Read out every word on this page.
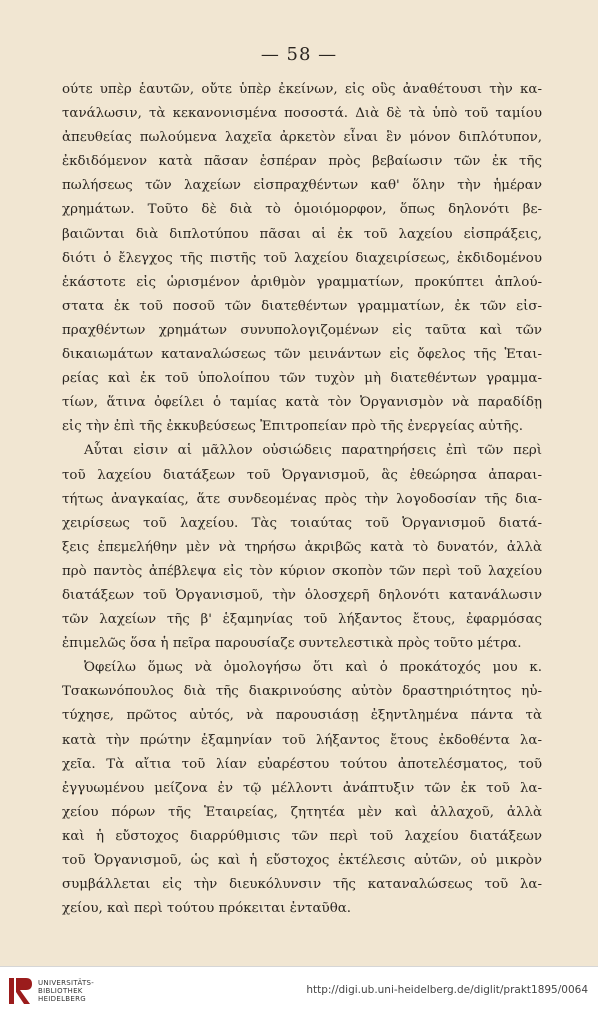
— 58 —
ούτε υπὲρ ἑαυτῶν, οὔτε ὑπὲρ ἐκείνων, εἰς οὓς ἀναθέτουσι τὴν κα-
τανάλωσιν, τὰ κεκανονισμένα ποσοστά. Διὰ δὲ τὰ ὑπὸ τοῦ ταμίου
ἀπευθείας πωλούμενα λαχεῖα ἀρκετὸν εἶναι ἓν μόνον διπλότυπον,
ἐκδιδόμενον κατὰ πᾶσαν ἑσπέραν πρὸς βεβαίωσιν τῶν ἐκ τῆς
πωλήσεως τῶν λαχείων εἰσπραχθέντων καθ' ὅλην τὴν ἡμέραν
χρημάτων. Τοῦτο δὲ διὰ τὸ ὁμοιόμορφον, ὅπως δηλονότι βε-
βαιῶνται διὰ διπλοτύπου πᾶσαι αἱ ἐκ τοῦ λαχείου εἰσπράξεις,
διότι ὁ ἔλεγχος τῆς πιστῆς τοῦ λαχείου διαχειρίσεως, ἐκδιδομένου
ἑκάστοτε εἰς ὡρισμένον ἀριθμὸν γραμματίων, προκύπτει ἁπλού-
στατα ἐκ τοῦ ποσοῦ τῶν διατεθέντων γραμματίων, ἐκ τῶν εἰσ-
πραχθέντων χρημάτων συνυπολογιζομένων εἰς ταῦτα καὶ τῶν
δικαιωμάτων καταναλώσεως τῶν μεινάντων εἰς ὄφελος τῆς Ἑται-
ρείας καὶ ἐκ τοῦ ὑπολοίπου τῶν τυχὸν μὴ διατεθέντων γραμμα-
τίων, ἅτινα ὀφείλει ὁ ταμίας κατὰ τὸν Ὀργανισμὸν νὰ παραδίδῃ
εἰς τὴν ἐπὶ τῆς ἐκκυβεύσεως Ἐπιτροπείαν πρὸ τῆς ἐνεργείας αὐτῆς.
Αὗται εἰσιν αἱ μᾶλλον οὐσιώδεις παρατηρήσεις ἐπὶ τῶν περὶ
τοῦ λαχείου διατάξεων τοῦ Ὀργανισμοῦ, ἃς ἐθεώρησα ἀπαραι-
τήτως ἀναγκαίας, ἅτε συνδεομένας πρὸς τὴν λογοδοσίαν τῆς δια-
χειρίσεως τοῦ λαχείου. Τὰς τοιαύτας τοῦ Ὀργανισμοῦ διατά-
ξεις ἐπεμελήθην μὲν νὰ τηρήσω ἀκριβῶς κατὰ τὸ δυνατόν, ἀλλὰ
πρὸ παντὸς ἀπέβλεψα εἰς τὸν κύριον σκοπὸν τῶν περὶ τοῦ λαχείου
διατάξεων τοῦ Ὀργανισμοῦ, τὴν ὁλοσχερῆ δηλονότι κατανάλωσιν
τῶν λαχείων τῆς β' ἑξαμηνίας τοῦ λήξαντος ἔτους, ἐφαρμόσας
ἐπιμελῶς ὅσα ἡ πεῖρα παρουσίαζε συντελεστικὰ πρὸς τοῦτο μέτρα.
Ὀφείλω ὅμως νὰ ὁμολογήσω ὅτι καὶ ὁ προκάτοχός μου κ.
Τσακωνόπουλος διὰ τῆς διακρινούσης αὐτὸν δραστηριότητος ηὐ-
τύχησε, πρῶτος αὐτός, νὰ παρουσιάσῃ ἐξηντλημένα πάντα τὰ
κατὰ τὴν πρώτην ἑξαμηνίαν τοῦ λήξαντος ἔτους ἐκδοθέντα λα-
χεῖα. Τὰ αἴτια τοῦ λίαν εὐαρέστου τούτου ἀποτελέσματος, τοῦ
ἐγγυωμένου μείζονα ἐν τῷ μέλλοντι ἀνάπτυξιν τῶν ἐκ τοῦ λα-
χείου πόρων τῆς Ἑταιρείας, ζητητέα μὲν καὶ ἀλλαχοῦ, ἀλλὰ
καὶ ἡ εὔστοχος διαρρύθμισις τῶν περὶ τοῦ λαχείου διατάξεων
τοῦ Ὀργανισμοῦ, ὡς καὶ ἡ εὔστοχος ἐκτέλεσις αὐτῶν, οὐ μικρὸν
συμβάλλεται εἰς τὴν διευκόλυνσιν τῆς καταναλώσεως τοῦ λα-
χείου, καὶ περὶ τούτου πρόκειται ἐνταῦθα.
UNIVERSITÄTS-
BIBLIOTHEK
HEIDELBERG
http://digi.ub.uni-heidelberg.de/diglit/prakt1895/0064
